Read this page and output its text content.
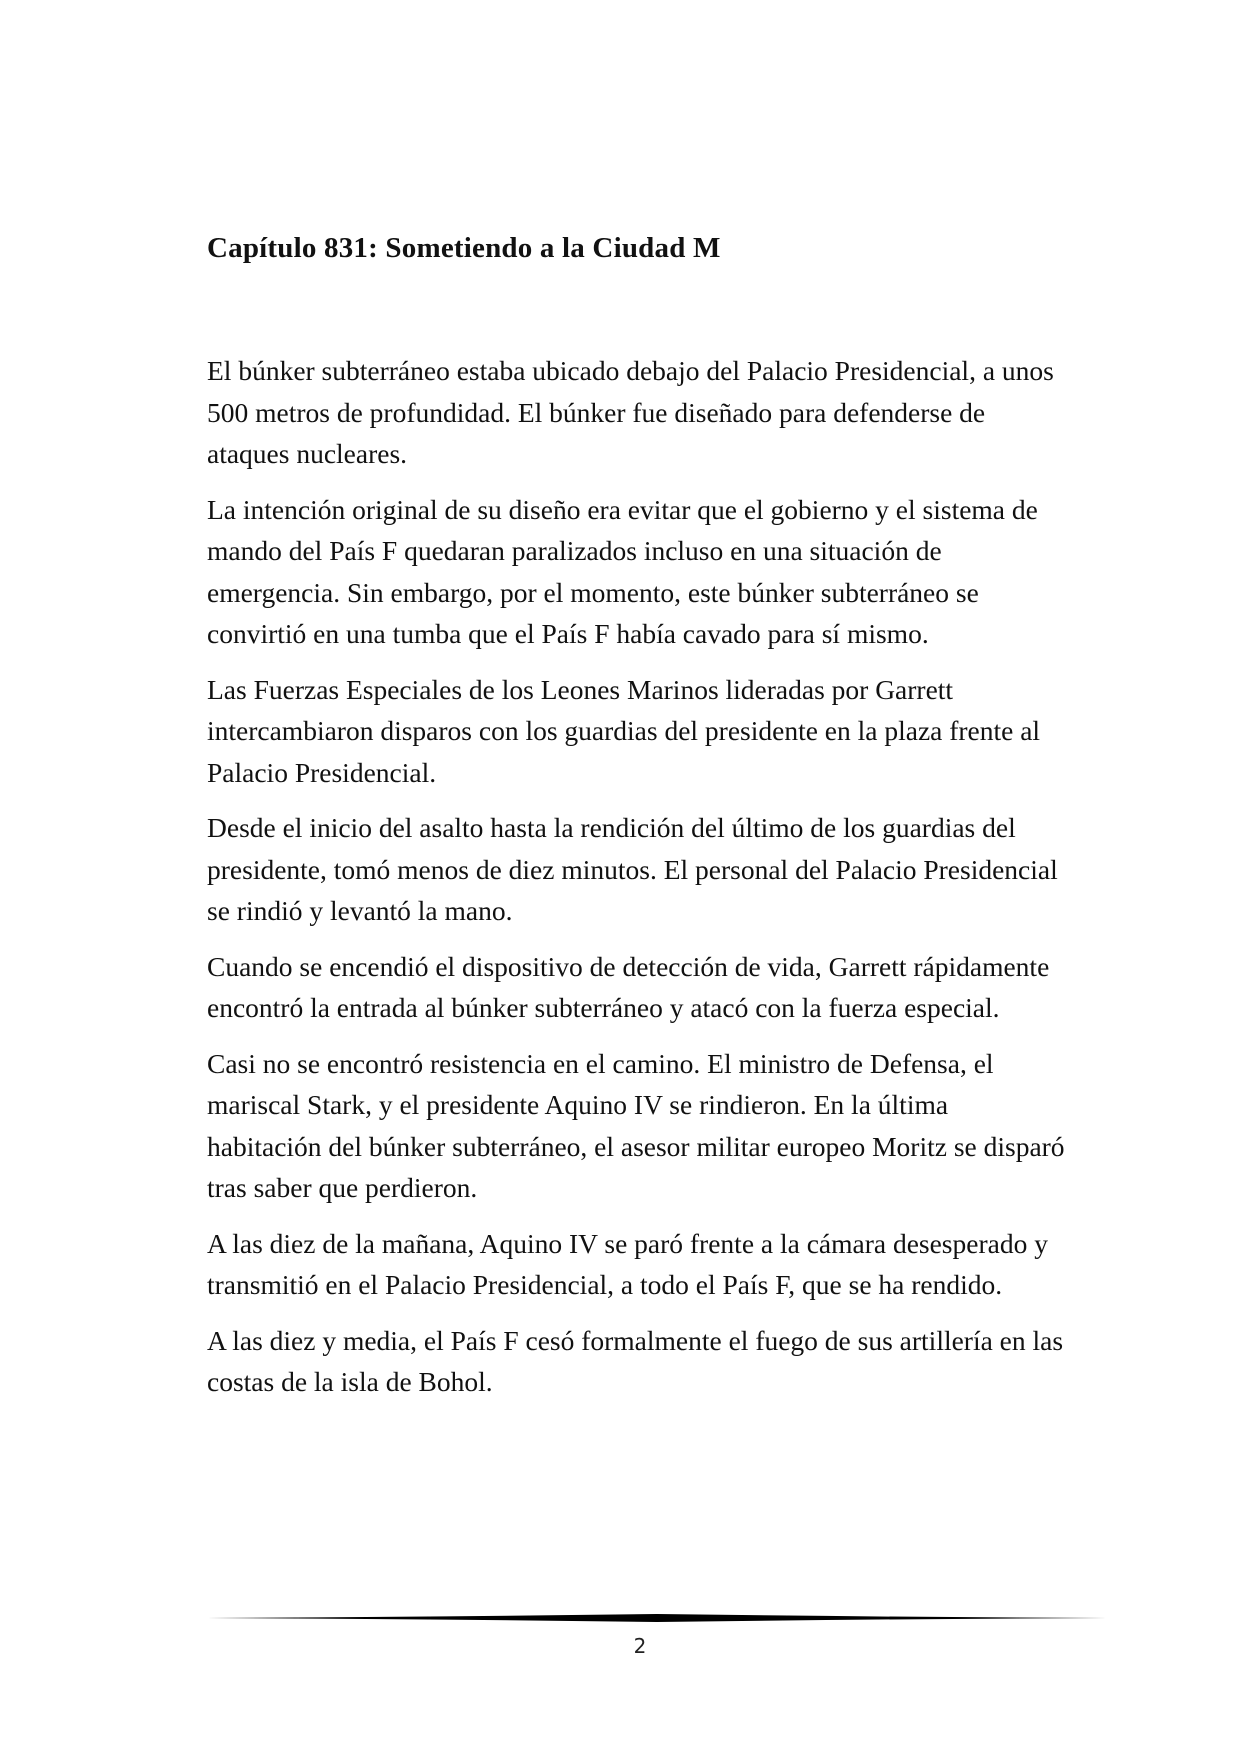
Capítulo 831: Sometiendo a la Ciudad M

El búnker subterráneo estaba ubicado debajo del Palacio Presidencial, a unos 500 metros de profundidad. El búnker fue diseñado para defenderse de ataques nucleares.

La intención original de su diseño era evitar que el gobierno y el sistema de mando del País F quedaran paralizados incluso en una situación de emergencia. Sin embargo, por el momento, este búnker subterráneo se convirtió en una tumba que el País F había cavado para sí mismo.

Las Fuerzas Especiales de los Leones Marinos lideradas por Garrett intercambiaron disparos con los guardias del presidente en la plaza frente al Palacio Presidencial.

Desde el inicio del asalto hasta la rendición del último de los guardias del presidente, tomó menos de diez minutos. El personal del Palacio Presidencial se rindió y levantó la mano.

Cuando se encendió el dispositivo de detección de vida, Garrett rápidamente encontró la entrada al búnker subterráneo y atacó con la fuerza especial.

Casi no se encontró resistencia en el camino. El ministro de Defensa, el mariscal Stark, y el presidente Aquino IV se rindieron. En la última habitación del búnker subterráneo, el asesor militar europeo Moritz se disparó tras saber que perdieron.

A las diez de la mañana, Aquino IV se paró frente a la cámara desesperado y transmitió en el Palacio Presidencial, a todo el País F, que se ha rendido.

A las diez y media, el País F cesó formalmente el fuego de sus artillería en las costas de la isla de Bohol.

2
